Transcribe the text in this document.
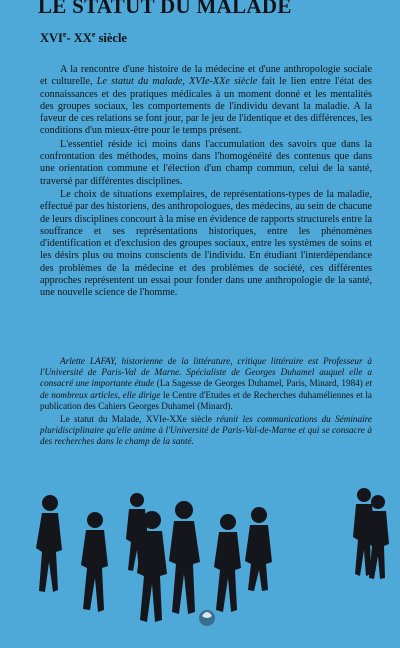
LE STATUT DU MALADE
XVIe- XXe siècle

A la rencontre d'une histoire de la médecine et d'une anthropologie sociale et culturelle, Le statut du malade, XVIe-XXe siècle fait le lien entre l'état des connaissances et des pratiques médicales à un moment donné et les mentalités des groupes sociaux, les comportements de l'individu devant la maladie. A la faveur de ces relations se font jour, par le jeu de l'identique et des différences, les conditions d'un mieux-être pour le temps présent.

L'essentiel réside ici moins dans l'accumulation des savoirs que dans la confrontation des méthodes, moins dans l'homogénéité des contenus que dans une orientation commune et l'élection d'un champ commun, celui de la santé, traversé par différentes disciplines.

Le choix de situations exemplaires, de représentations-types de la maladie, effectué par des historiens, des anthropologues, des médecins, au sein de chacune de leurs disciplines concourt à la mise en évidence de rapports structurels entre la souffrance et ses représentations historiques, entre les phénomènes d'identification et d'exclusion des groupes sociaux, entre les systèmes de soins et les désirs plus ou moins conscients de l'individu. En étudiant l'interdépendance des problèmes de la médecine et des problèmes de société, ces différentes approches représentent un essai pour fonder dans une anthropologie de la santé, une nouvelle science de l'homme.

Arlette LAFAY, historienne de la littérature, critique littéraire est Professeur à l'Université de Paris-Val de Marne. Spécialiste de Georges Duhamel auquel elle a consacré une importante étude (La Sagesse de Georges Duhamel, Paris, Minard, 1984) et de nombreux articles, elle dirige le Centre d'Etudes et de Recherches duhaméliennes et la publication des Cahiers Georges Duhamel (Minard).

Le statut du Malade, XVIe-XXe siècle réunit les communications du Séminaire pluridisciplinaire qu'elle anime à l'Université de Paris-Val-de-Marne et qui se consacre à des recherches dans le champ de la santé.
